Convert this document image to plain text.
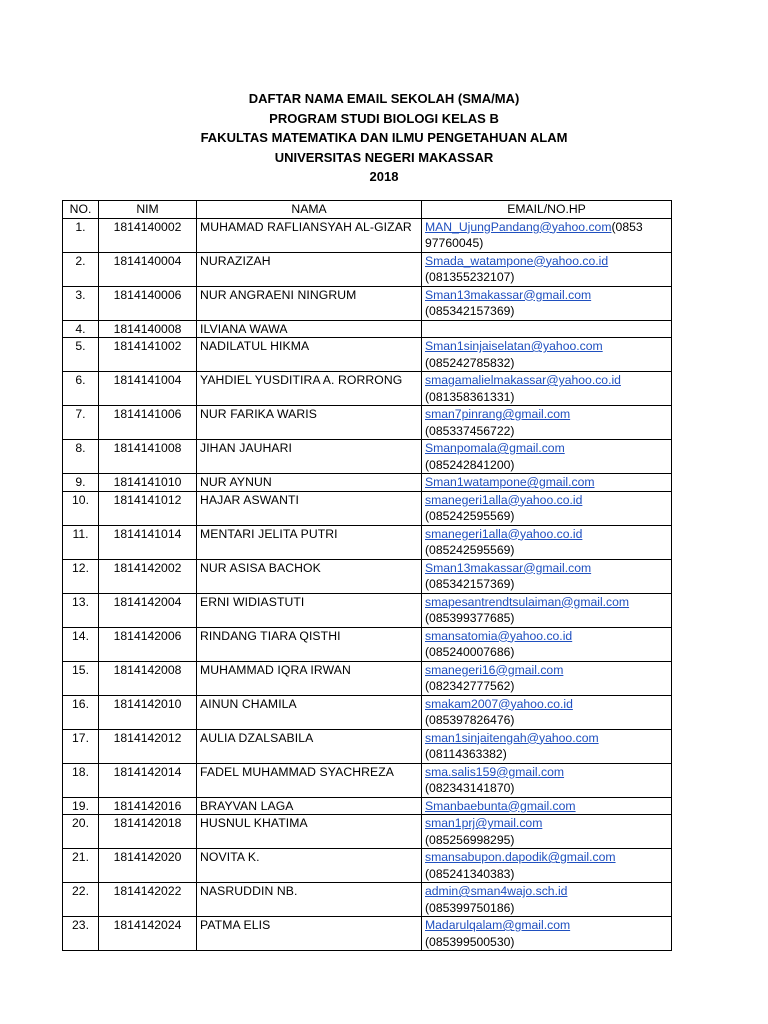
DAFTAR NAMA EMAIL SEKOLAH (SMA/MA)
PROGRAM STUDI BIOLOGI KELAS B
FAKULTAS MATEMATIKA DAN ILMU PENGETAHUAN ALAM
UNIVERSITAS NEGERI MAKASSAR
2018
NO.	NIM	NAMA	EMAIL/NO.HP
1.	1814140002	MUHAMAD RAFLIANSYAH AL-GIZAR	MAN_UjungPandang@yahoo.com(0853
97760045)

2.	1814140004	NURAZIZAH	Smada_watampone@yahoo.co.id
(081355232107)

3.	1814140006	NUR ANGRAENI NINGRUM	Sman13makassar@gmail.com
(085342157369)

4.	1814140008	ILVIANA WAWA	
5.	1814141002	NADILATUL HIKMA	Sman1sinjaiselatan@yahoo.com
(085242785832)

6.	1814141004	YAHDIEL YUSDITIRA A. RORRONG	smagamalielmakassar@yahoo.co.id
(081358361331)

7.	1814141006	NUR FARIKA WARIS	sman7pinrang@gmail.com
(085337456722)

8.	1814141008	JIHAN JAUHARI	Smanpomala@gmail.com
(085242841200)

9.	1814141010	NUR AYNUN	Sman1watampone@gmail.com
10.	1814141012	HAJAR ASWANTI	smanegeri1alla@yahoo.co.id
(085242595569)

11.	1814141014	MENTARI JELITA PUTRI	smanegeri1alla@yahoo.co.id
(085242595569)

12.	1814142002	NUR ASISA BACHOK	Sman13makassar@gmail.com
(085342157369)

13.	1814142004	ERNI WIDIASTUTI	smapesantrendtsulaiman@gmail.com
(085399377685)

14.	1814142006	RINDANG TIARA QISTHI	smansatomia@yahoo.co.id
(085240007686)

15.	1814142008	MUHAMMAD IQRA IRWAN	smanegeri16@gmail.com
(082342777562)

16.	1814142010	AINUN CHAMILA	smakam2007@yahoo.co.id
(085397826476)

17.	1814142012	AULIA DZALSABILA	sman1sinjaitengah@yahoo.com
(08114363382)

18.	1814142014	FADEL MUHAMMAD SYACHREZA	sma.salis159@gmail.com
(082343141870)

19.	1814142016	BRAYVAN LAGA	Smanbaebunta@gmail.com
20.	1814142018	HUSNUL KHATIMA	sman1prj@ymail.com
(085256998295)

21.	1814142020	NOVITA K.	smansabupon.dapodik@gmail.com
(085241340383)

22.	1814142022	NASRUDDIN NB.	admin@sman4wajo.sch.id
(085399750186)

23.	1814142024	PATMA ELIS	Madarulqalam@gmail.com
(085399500530)
